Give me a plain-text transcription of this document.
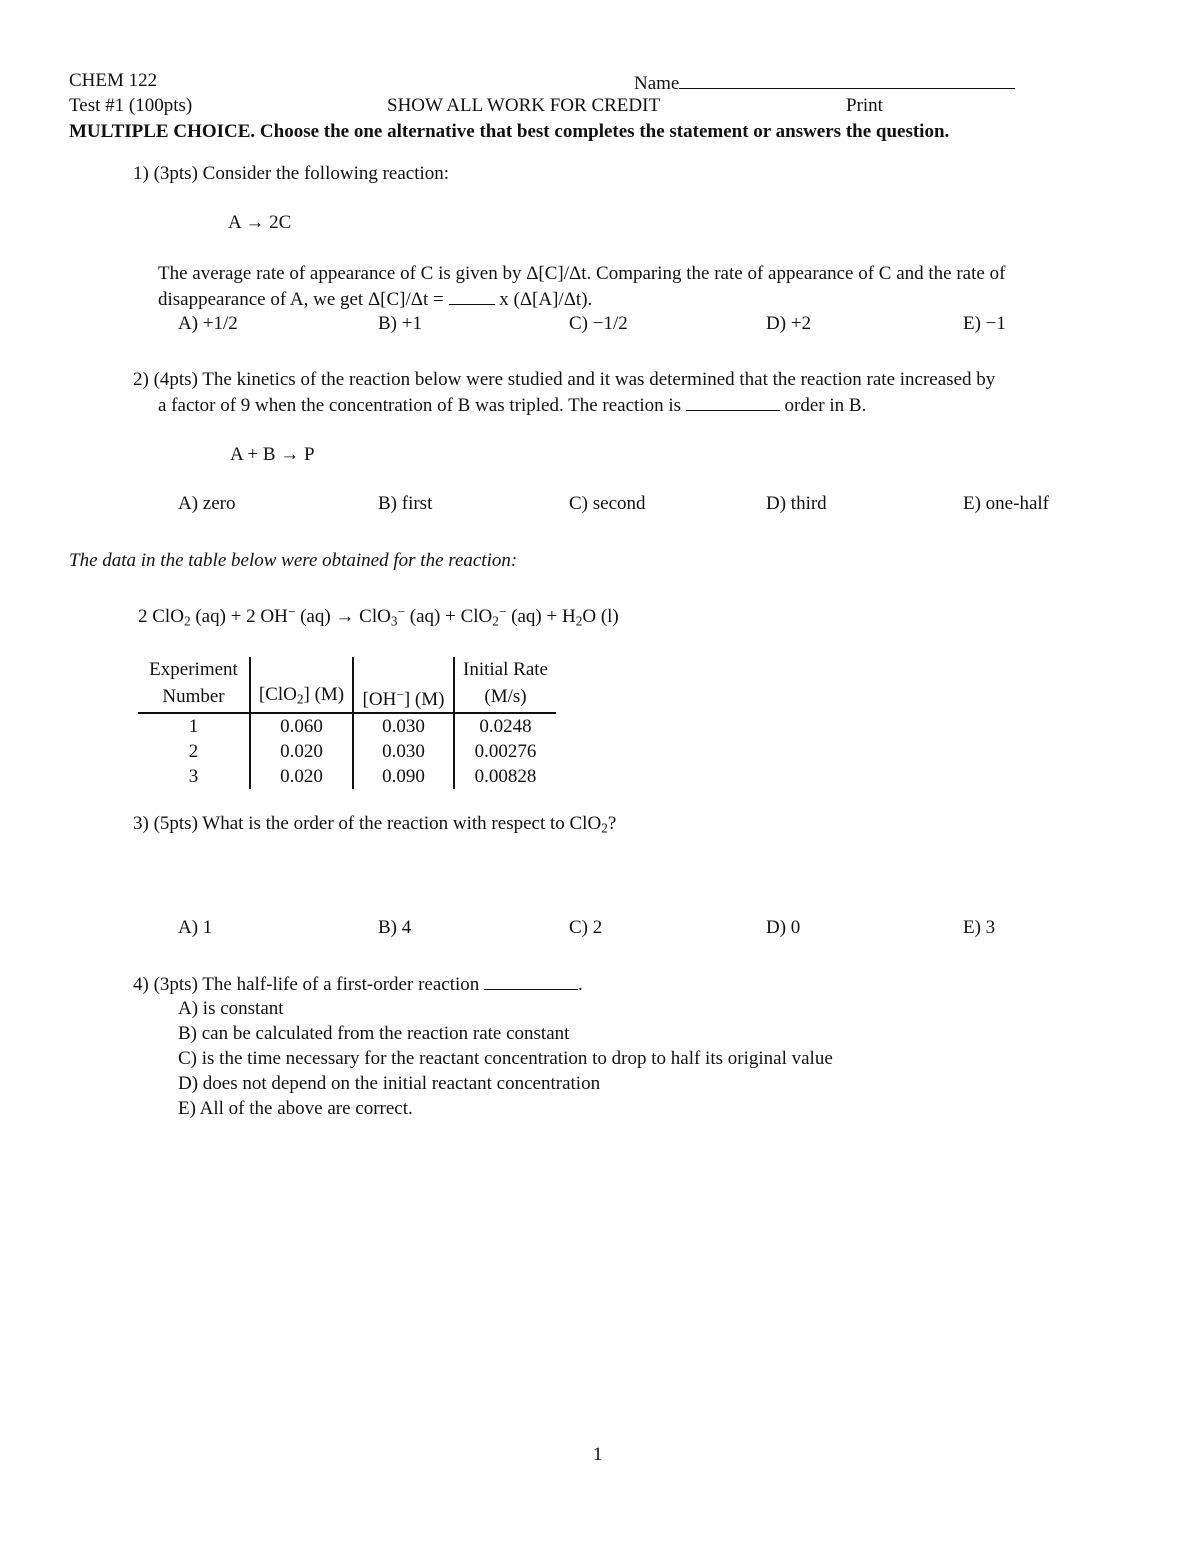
CHEM 122	Name
Test #1 (100pts)	SHOW ALL WORK FOR CREDIT	Print
MULTIPLE CHOICE. Choose the one alternative that best completes the statement or answers the question.
1) (3pts) Consider the following reaction:
A → 2C
The average rate of appearance of C is given by Δ[C]/Δt. Comparing the rate of appearance of C and the rate of
disappearance of A, we get Δ[C]/Δt =	x (Δ[A]/Δt).
A) +1/2	B) +1	C) −1/2	D) +2	E) −1
2) (4pts) The kinetics of the reaction below were studied and it was determined that the reaction rate increased by
a factor of 9 when the concentration of B was tripled. The reaction is	order in B.
A + B → P
A) zero	B) first	C) second	D) third	E) one-half
The data in the table below were obtained for the reaction:
2 ClO$_2$ (aq) + 2 OH− (aq) → ClO$_3$− (aq) + ClO$_2$− $(aq) + H_2O$ (l)
Experiment			Initial Rate
Number	[ClO$_2$] (M)	[OH−] (M)	(M/s)
1	0.060	0.030	0.0248
2	0.020	0.030	0.00276
3	0.020	0.090	0.00828
3) (5pts) What is the order of the reaction with respect to ClO$_2$?
A) 1	B) 4	C) 2	D) 0	E) 3
4) (3pts) The half-life of a first-order reaction	.
A) is constant
B) can be calculated from the reaction rate constant
C) is the time necessary for the reactant concentration to drop to half its original value
D) does not depend on the initial reactant concentration
E) All of the above are correct.
1
